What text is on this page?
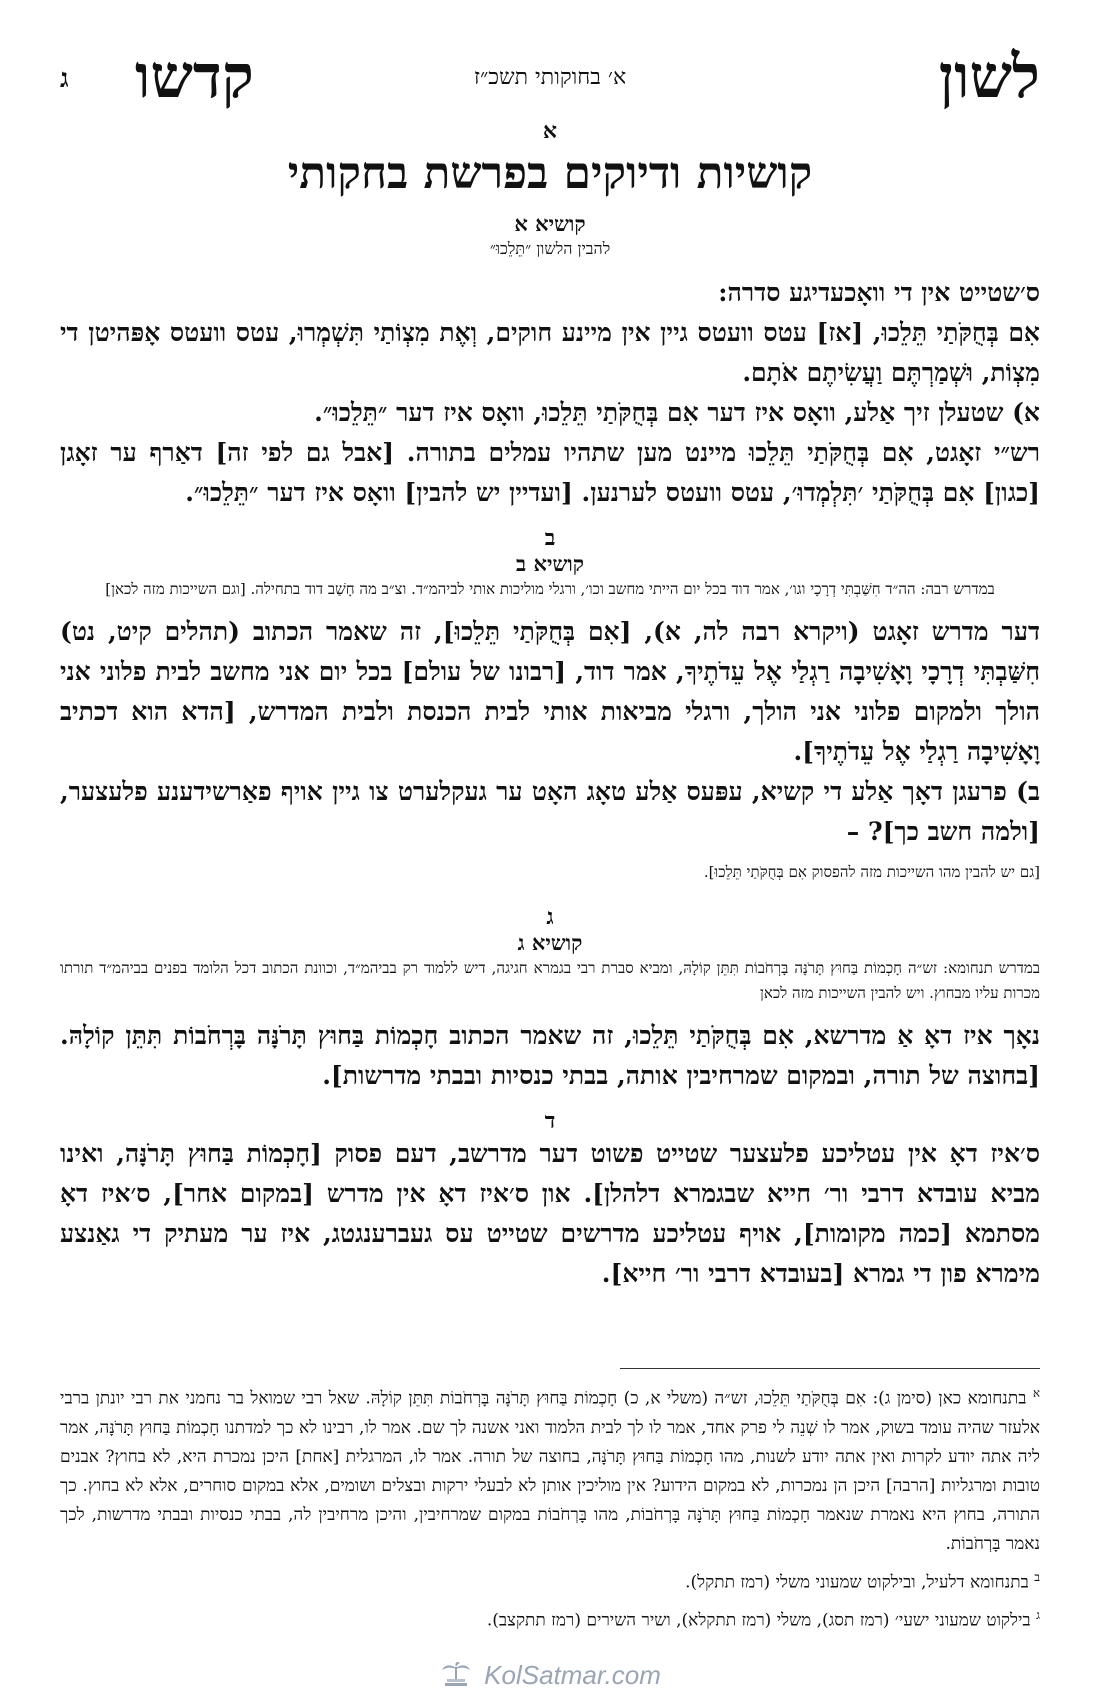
לשון
א׳ בחוקותי תשכ״ז
קדשו
ג

א

קושיות ודיוקים בפרשת בחקותי

קושיא א

להבין הלשון ״תֵּלֵכוּ״

ס׳שטייט אין די וואָכעדיגע סדרה:

אִם בְּחֻקֹּתַי תֵּלֵכוּ, [אז] עטס וועטס גיין אין מיינע חוקים, וְאֶת מִצְוֹתַי תִּשְׁמְרוּ, עטס וועטס אָפּהיטן די מִצְוֹת, וּשְׁמַרְתֶּם וַעֲשִׂיתֶם אֹתָם.

א) שטעלן זיך אַלע, וואָס איז דער אִם בְּחֻקֹּתַי תֵּלֵכוּ, וואָס איז דער ״תֵּלֵכוּ״.

רש״י זאָגט, אִם בְּחֻקֹּתַי תֵּלֵכוּ מיינט מען שתהיו עמלים בתורה. [אבל גם לפי זה] דאַרף ער זאָגן [כגון] אִם בְּחֻקֹּתַי ׳תִּלְמְדוּ׳, עטס וועטס לערנען. [ועדיין יש להבין] וואָס איז דער ״תֵּלֵכוּ״.

ב

קושיא ב

במדרש רבה: הה״ד חִשַּׁבְתִּי דְרָכָי וגו׳, אמר דוד בכל יום הייתי מחשב וכו׳, ורגלי מוליכות אותי לביהמ״ד. וצ״ב מה חָשַׁב דוד בתחילה. [וגם השייכות מזה לכאן]

דער מדרש זאָגט (ויקרא רבה לה, א), [אִם בְּחֻקֹּתַי תֵּלֵכוּ], זה שאמר הכתוב (תהלים קיט, נט) חִשַּׁבְתִּי דְרָכָי וָאָשִׁיבָה רַגְלַי אֶל עֵדֹתֶיךָ, אמר דוד, [רבונו של עולם] בכל יום אני מחשב לבית פלוני אני הולך ולמקום פלוני אני הולך, ורגלי מביאות אותי לבית הכנסת ולבית המדרש, [הדא הוא דכתיב וָאָשִׁיבָה רַגְלַי אֶל עֵדֹתֶיךָ].

ב) פרעגן דאָך אַלע די קשיא, עפּעס אַלע טאָג האָט ער געקלערט צו גיין אויף פאַרשידענע פלעצער, [ולמה חשב כך]? –

[גם יש להבין מהו השייכות מזה להפסוק אִם בְּחֻקֹּתַי תֵּלֵכוּ].

ג

קושיא ג

במדרש תנחומא: זש״ה חָכְמוֹת בַּחוּץ תָּרֹנָּה בָּרְחֹבוֹת תִּתֵּן קוֹלָהּ, ומביא סברת רבי בגמרא חגיגה, דיש ללמוד רק בביהמ״ד, וכוונת הכתוב דכל הלומד בפנים בביהמ״ד תורתו מכרות עליו מבחוץ. ויש להבין השייכות מזה לכאן

נאָך איז דאָ אַ מדרשא, אִם בְּחֻקֹּתַי תֵּלֵכוּ, זה שאמר הכתוב חָכְמוֹת בַּחוּץ תָּרֹנָּה בָּרְחֹבוֹת תִּתֵּן קוֹלָהּ. [בחוצה של תורה, ובמקום שמרחיבין אותה, בבתי כנסיות ובבתי מדרשות].

ד

ס׳איז דאָ אין עטליכע פלעצער שטייט פשוט דער מדרשב, דעם פסוק [חָכְמוֹת בַּחוּץ תָּרֹנָּה, ואינו מביא עובדא דרבי ור׳ חייא שבגמרא דלהלן]. און ס׳איז דאָ אין מדרש [במקום אחר], ס׳איז דאָ מסתמא [כמה מקומות], אויף עטליכע מדרשים שטייט עס געברענגטג, איז ער מעתיק די גאַנצע מימרא פון די גמרא [בעובדא דרבי ור׳ חייא].

$^א$ בתנחומא כאן (סימן ג): אִם בְּחֻקֹּתַי תֵּלֵכוּ, זש״ה (משלי א, כ) חָכְמוֹת בַּחוּץ תָּרֹנָּה בָּרְחֹבוֹת תִּתֵּן קוֹלָהּ. שאל רבי שמואל בר נחמני את רבי יונתן ברבי אלעזר שהיה עומד בשוק, אמר לו שְׁנֵה לי פרק אחד, אמר לו לך לבית הלמוד ואני אשנה לך שם. אמר לו, רבינו לא כך למדתנו חָכְמוֹת בַּחוּץ תָּרֹנָּה, אמר ליה אתה יודע לקרות ואין אתה יודע לשנות, מהו חָכְמוֹת בַּחוּץ תָּרֹנָּה, בחוצה של תורה. אמר לו, המרגלית [אחת] היכן נמכרת היא, לא בחוץ? אבנים טובות ומרגליות [הרבה] היכן הן נמכרות, לא במקום הידוע? אין מוליכין אותן לא לבעלי ירקות ובצלים ושומים, אלא במקום סוחרים, אלא לא בחוץ. כך התורה, בחוץ היא נאמרת שנאמר חָכְמוֹת בַּחוּץ תָּרֹנָּה בָּרְחֹבוֹת, מהו בָּרְחֹבוֹת במקום שמרחיבין, והיכן מרחיבין לה, בבתי כנסיות ובבתי מדרשות, לכך נאמר בָּרְחֹבוֹת.

$^ב$ בתנחומא דלעיל, ובילקוט שמעוני משלי (רמז תתקל).

$^ג$ בילקוט שמעוני ישעי׳ (רמז תסג), משלי (רמז תתקלא), ושיר השירים (רמז תתקצב).

KolSatmar.com
